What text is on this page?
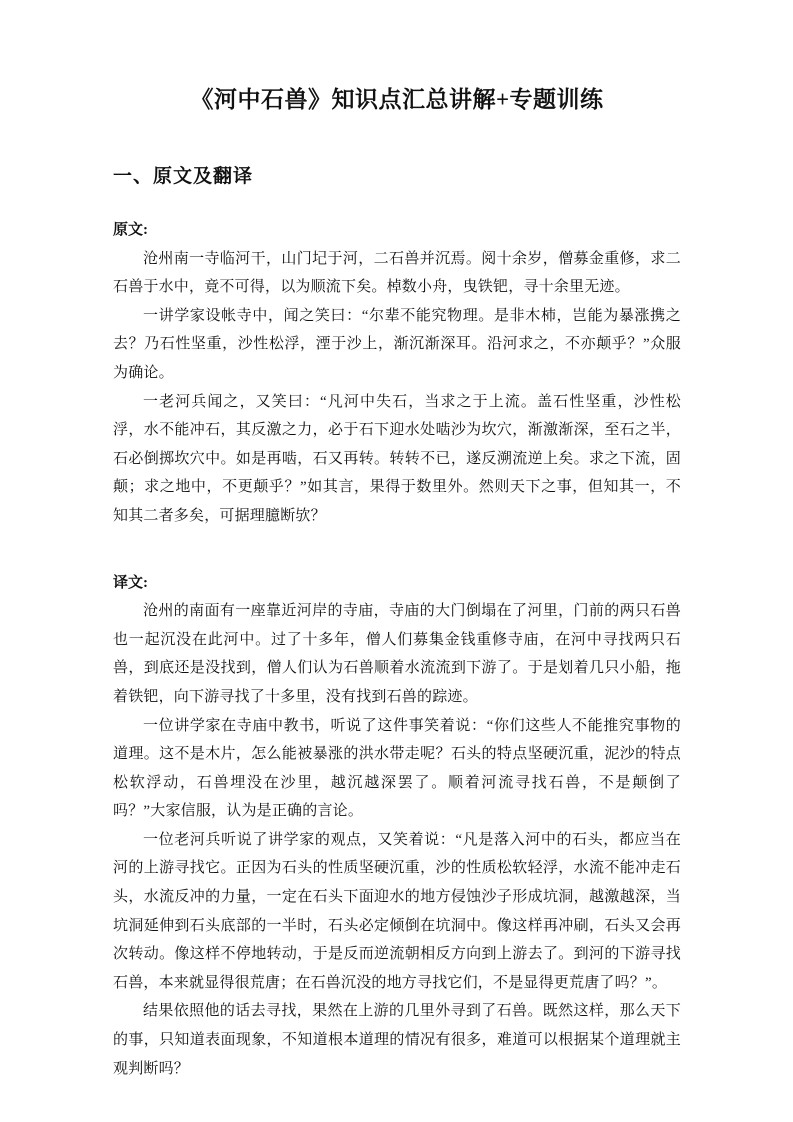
《河中石兽》知识点汇总讲解+专题训练
一、原文及翻译
原文:

沧州南一寺临河干，山门圮于河，二石兽并沉焉。阅十余岁，僧募金重修，求二石兽于水中，竟不可得，以为顺流下矣。棹数小舟，曳铁钯，寻十余里无迹。

一讲学家设帐寺中，闻之笑曰：“尔辈不能究物理。是非木杮，岂能为暴涨携之去？乃石性坚重，沙性松浮，湮于沙上，渐沉渐深耳。沿河求之，不亦颠乎？”众服为确论。

一老河兵闻之，又笑曰：“凡河中失石，当求之于上流。盖石性坚重，沙性松浮，水不能冲石，其反激之力，必于石下迎水处啮沙为坎穴，渐激渐深，至石之半，石必倒掷坎穴中。如是再啮，石又再转。转转不已，遂反溯流逆上矣。求之下流，固颠；求之地中，不更颠乎？”如其言，果得于数里外。然则天下之事，但知其一，不知其二者多矣，可据理臆断欤？

译文:

沧州的南面有一座靠近河岸的寺庙，寺庙的大门倒塌在了河里，门前的两只石兽也一起沉没在此河中。过了十多年，僧人们募集金钱重修寺庙，在河中寻找两只石兽，到底还是没找到，僧人们认为石兽顺着水流流到下游了。于是划着几只小船，拖着铁钯，向下游寻找了十多里，没有找到石兽的踪迹。

一位讲学家在寺庙中教书，听说了这件事笑着说：“你们这些人不能推究事物的道理。这不是木片，怎么能被暴涨的洪水带走呢？石头的特点坚硬沉重，泥沙的特点松软浮动，石兽埋没在沙里，越沉越深罢了。顺着河流寻找石兽，不是颠倒了吗？”大家信服，认为是正确的言论。

一位老河兵听说了讲学家的观点，又笑着说：“凡是落入河中的石头，都应当在河的上游寻找它。正因为石头的性质坚硬沉重，沙的性质松软轻浮，水流不能冲走石头，水流反冲的力量，一定在石头下面迎水的地方侵蚀沙子形成坑洞，越激越深，当坑洞延伸到石头底部的一半时，石头必定倾倒在坑洞中。像这样再冲刷，石头又会再次转动。像这样不停地转动，于是反而逆流朝相反方向到上游去了。到河的下游寻找石兽，本来就显得很荒唐；在石兽沉没的地方寻找它们，不是显得更荒唐了吗？”。

结果依照他的话去寻找，果然在上游的几里外寻到了石兽。既然这样，那么天下的事，只知道表面现象，不知道根本道理的情况有很多，难道可以根据某个道理就主观判断吗？
